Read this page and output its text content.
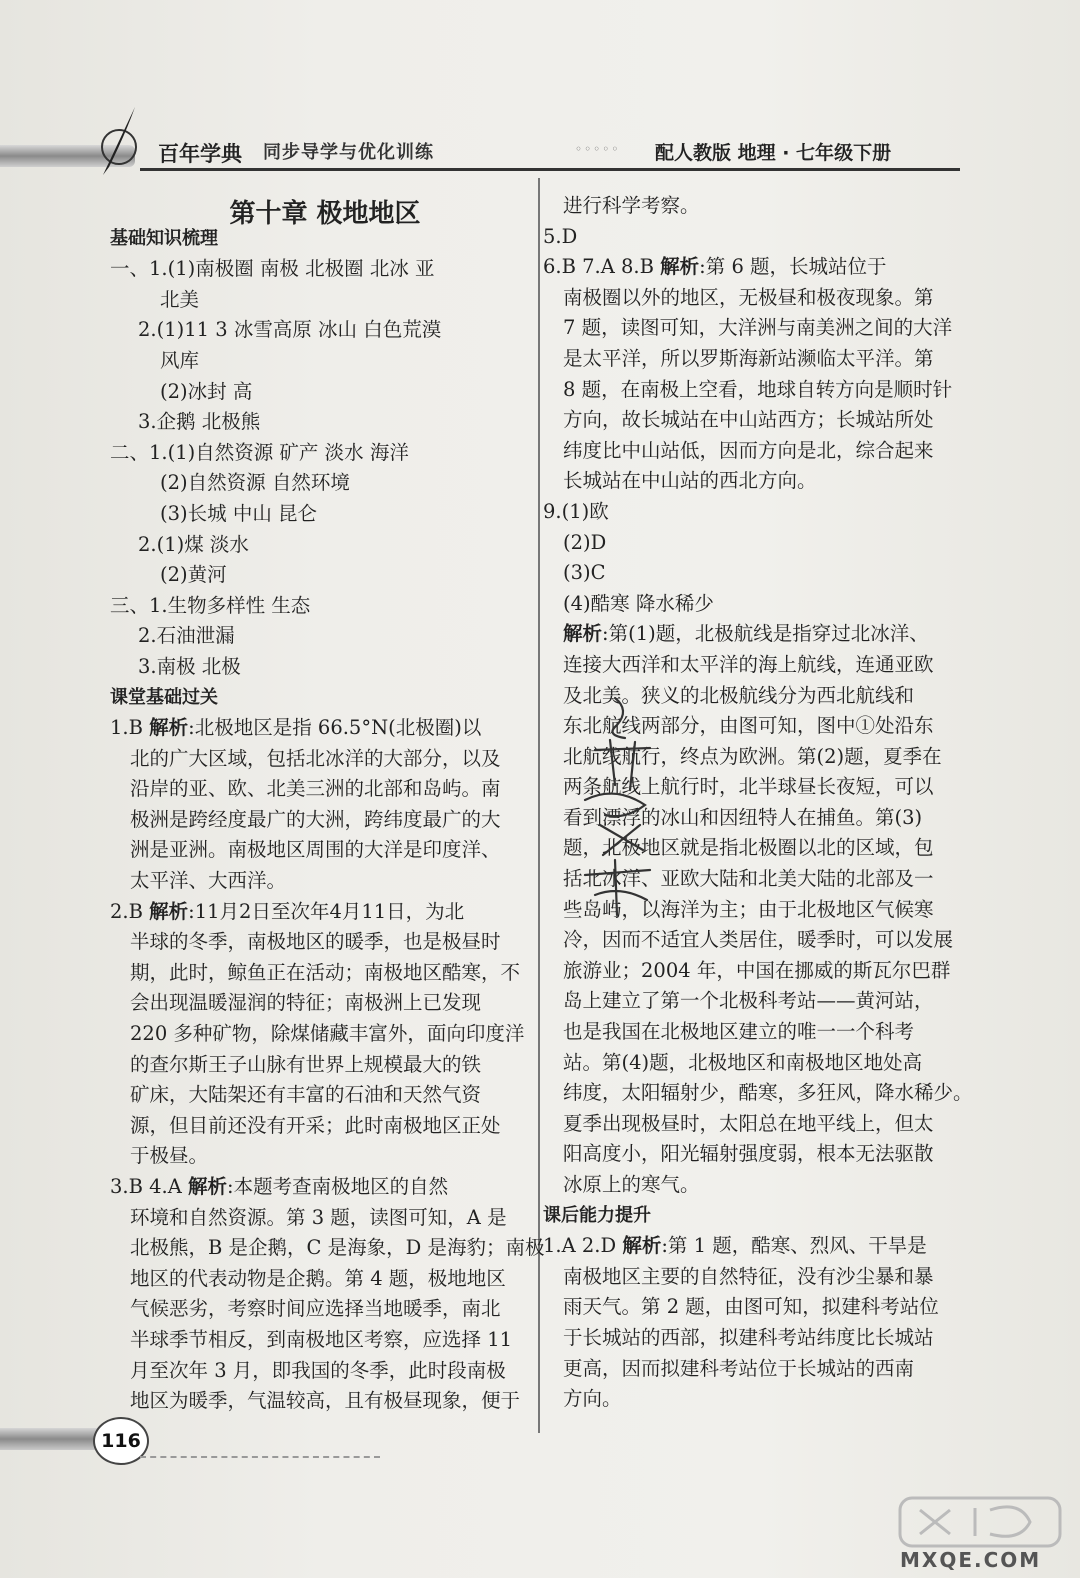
百年学典 同步导学与优化训练	◦◦◦◦◦ 配人教版 地理 · 七年级下册
第十章 极地地区
基础知识梳理
一、1.(1)南极圈 南极 北极圈 北冰 亚
北美
2.(1)11 3 冰雪高原 冰山 白色荒漠
风库
(2)冰封 高
3.企鹅 北极熊
二、1.(1)自然资源 矿产 淡水 海洋
(2)自然资源 自然环境
(3)长城 中山 昆仑
2.(1)煤 淡水
(2)黄河
三、1.生物多样性 生态
2.石油泄漏
3.南极 北极
课堂基础过关
1.B 解析:北极地区是指 66.5°N(北极圈)以
北的广大区域，包括北冰洋的大部分，以及
沿岸的亚、欧、北美三洲的北部和岛屿。南
极洲是跨经度最广的大洲，跨纬度最广的大
洲是亚洲。南极地区周围的大洋是印度洋、
太平洋、大西洋。
2.B 解析:11月2日至次年4月11日，为北
半球的冬季，南极地区的暖季，也是极昼时
期，此时，鲸鱼正在活动；南极地区酷寒，不
会出现温暖湿润的特征；南极洲上已发现
220 多种矿物，除煤储藏丰富外，面向印度洋
的查尔斯王子山脉有世界上规模最大的铁
矿床，大陆架还有丰富的石油和天然气资
源，但目前还没有开采；此时南极地区正处
于极昼。
3.B 4.A 解析:本题考查南极地区的自然
环境和自然资源。第 3 题，读图可知，A 是
北极熊，B 是企鹅，C 是海象，D 是海豹；南极
地区的代表动物是企鹅。第 4 题，极地地区
气候恶劣，考察时间应选择当地暖季，南北
半球季节相反，到南极地区考察，应选择 11
月至次年 3 月，即我国的冬季，此时段南极
地区为暖季，气温较高，且有极昼现象，便于
进行科学考察。
5.D
6.B 7.A 8.B 解析:第 6 题，长城站位于
南极圈以外的地区，无极昼和极夜现象。第
7 题，读图可知，大洋洲与南美洲之间的大洋
是太平洋，所以罗斯海新站濒临太平洋。第
8 题，在南极上空看，地球自转方向是顺时针
方向，故长城站在中山站西方；长城站所处
纬度比中山站低，因而方向是北，综合起来
长城站在中山站的西北方向。
9.(1)欧
(2)D
(3)C
(4)酷寒 降水稀少
解析:第(1)题，北极航线是指穿过北冰洋、
连接大西洋和太平洋的海上航线，连通亚欧
及北美。狭义的北极航线分为西北航线和
东北航线两部分，由图可知，图中①处沿东
北航线航行，终点为欧洲。第(2)题，夏季在
两条航线上航行时，北半球昼长夜短，可以
看到漂浮的冰山和因纽特人在捕鱼。第(3)
题，北极地区就是指北极圈以北的区域，包
括北冰洋、亚欧大陆和北美大陆的北部及一
些岛屿，以海洋为主；由于北极地区气候寒
冷，因而不适宜人类居住，暖季时，可以发展
旅游业；2004 年，中国在挪威的斯瓦尔巴群
岛上建立了第一个北极科考站——黄河站，
也是我国在北极地区建立的唯一一个科考
站。第(4)题，北极地区和南极地区地处高
纬度，太阳辐射少，酷寒，多狂风，降水稀少。
夏季出现极昼时，太阳总在地平线上，但太
阳高度小，阳光辐射强度弱，根本无法驱散
冰原上的寒气。
课后能力提升
1.A 2.D 解析:第 1 题，酷寒、烈风、干旱是
南极地区主要的自然特征，没有沙尘暴和暴
雨天气。第 2 题，由图可知，拟建科考站位
于长城站的西部，拟建科考站纬度比长城站
更高，因而拟建科考站位于长城站的西南
方向。
116
MXQE.COM
